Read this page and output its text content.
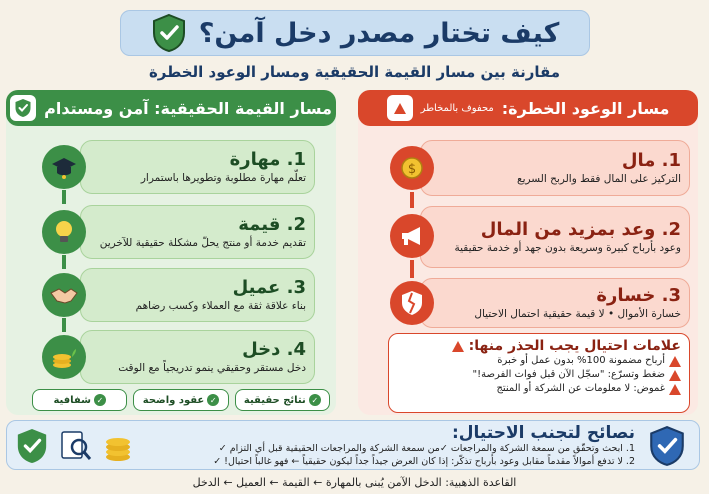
كيف تختار مصدر دخل آمن؟
مقارنة بين مسار القيمة الحقيقية ومسار الوعود الخطرة
مسار القيمة الحقيقية: آمن ومستدام
1. مهارة
تعلّم مهارة مطلوبة وتطويرها باستمرار
2. قيمة
تقديم خدمة أو منتج يحلّ مشكلة حقيقية للآخرين
3. عميل
بناء علاقة ثقة مع العملاء وكسب رضاهم
4. دخل
دخل مستقر وحقيقي ينمو تدريجياً مع الوقت
✓
نتائج حقيقية
✓
عقود واضحة
✓
شفافية
مسار الوعود الخطرة:
محفوف بالمخاطر
1. مال
التركيز على المال فقط والربح السريع
$
2. وعد بمزيد من المال
وعود بأرباح كبيرة وسريعة بدون جهد أو خدمة حقيقية
3. خسارة
خسارة الأموال • لا قيمة حقيقية احتمال الاحتيال
علامات احتيال يجب الحذر منها:
أرباح مضمونة 100% بدون عمل أو خبرة
ضغط وتسرّع: "سجّل الآن قبل فوات الفرصة!"
غموض: لا معلومات عن الشركة أو المنتج
نصائح لتجنب الاحتيال:
1. ابحث وتحقّق من سمعة الشركة والمراجعات ✓من سمعة الشركة والمراجعات الحقيقية قبل أي التزام ✓
2. لا تدفع أموالاً مقدماً مقابل وعود بأرباح تذكّر: إذا كان العرض جيداً جداً ليكون حقيقياً ← فهو غالباً احتيال! ✓
القاعدة الذهبية: الدخل الآمن يُبنى بالمهارة ← القيمة ← العميل ← الدخل
